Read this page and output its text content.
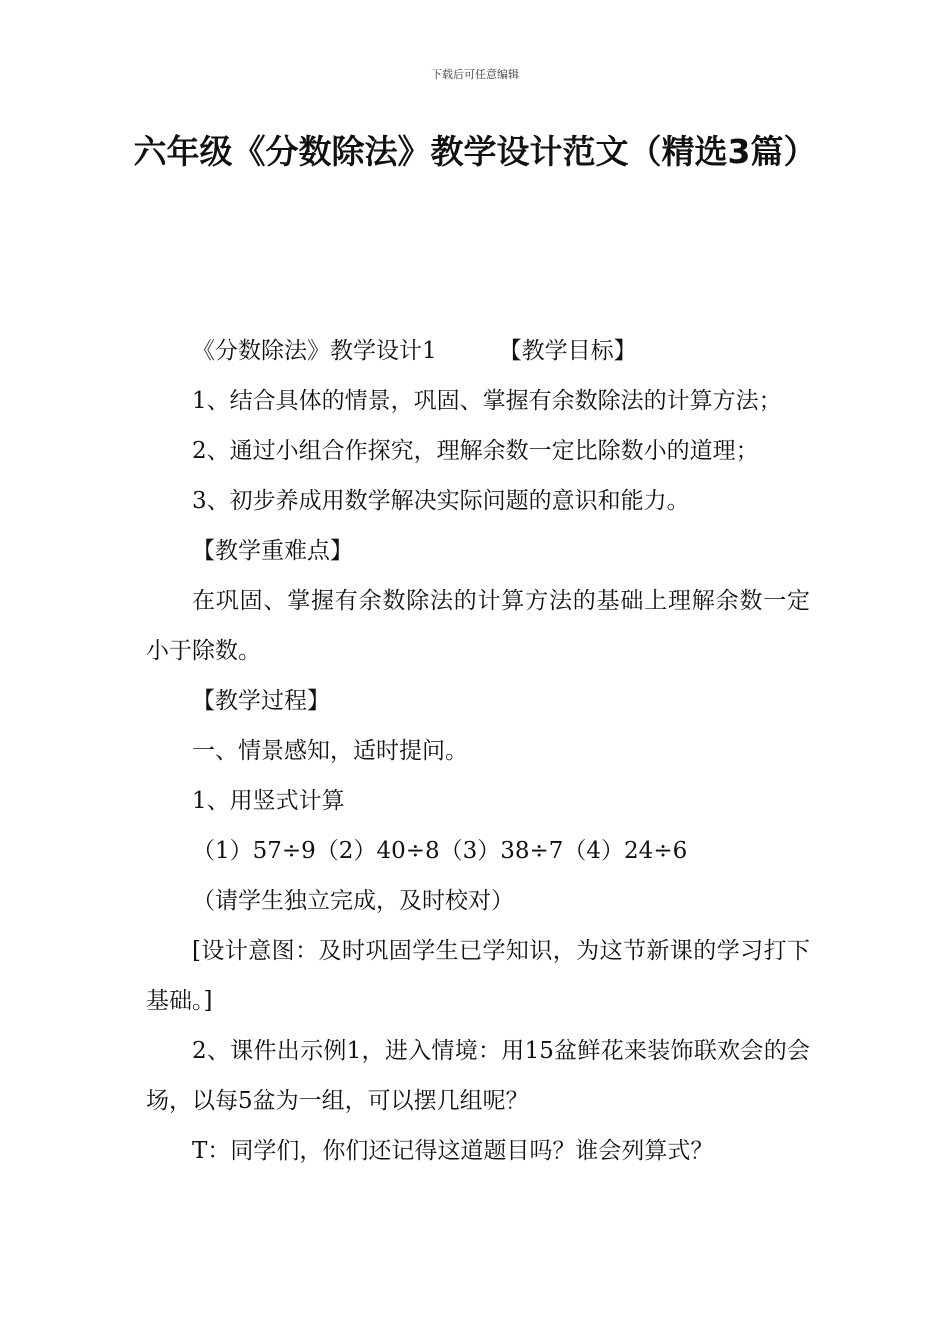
下载后可任意编辑
六年级《分数除法》教学设计范文（精选3篇）

《分数除法》教学设计1	【教学目标】

1、结合具体的情景，巩固、掌握有余数除法的计算方法；

2、通过小组合作探究，理解余数一定比除数小的道理；

3、初步养成用数学解决实际问题的意识和能力。

【教学重难点】

在巩固、掌握有余数除法的计算方法的基础上理解余数一定小于除数。

【教学过程】

一、情景感知，适时提问。

1、用竖式计算

（1）57÷9（2）40÷8（3）38÷7（4）24÷6

（请学生独立完成，及时校对）

[设计意图：及时巩固学生已学知识，为这节新课的学习打下基础。]

2、课件出示例1，进入情境：用15盆鲜花来装饰联欢会的会场，以每5盆为一组，可以摆几组呢？

T：同学们，你们还记得这道题目吗？谁会列算式？
